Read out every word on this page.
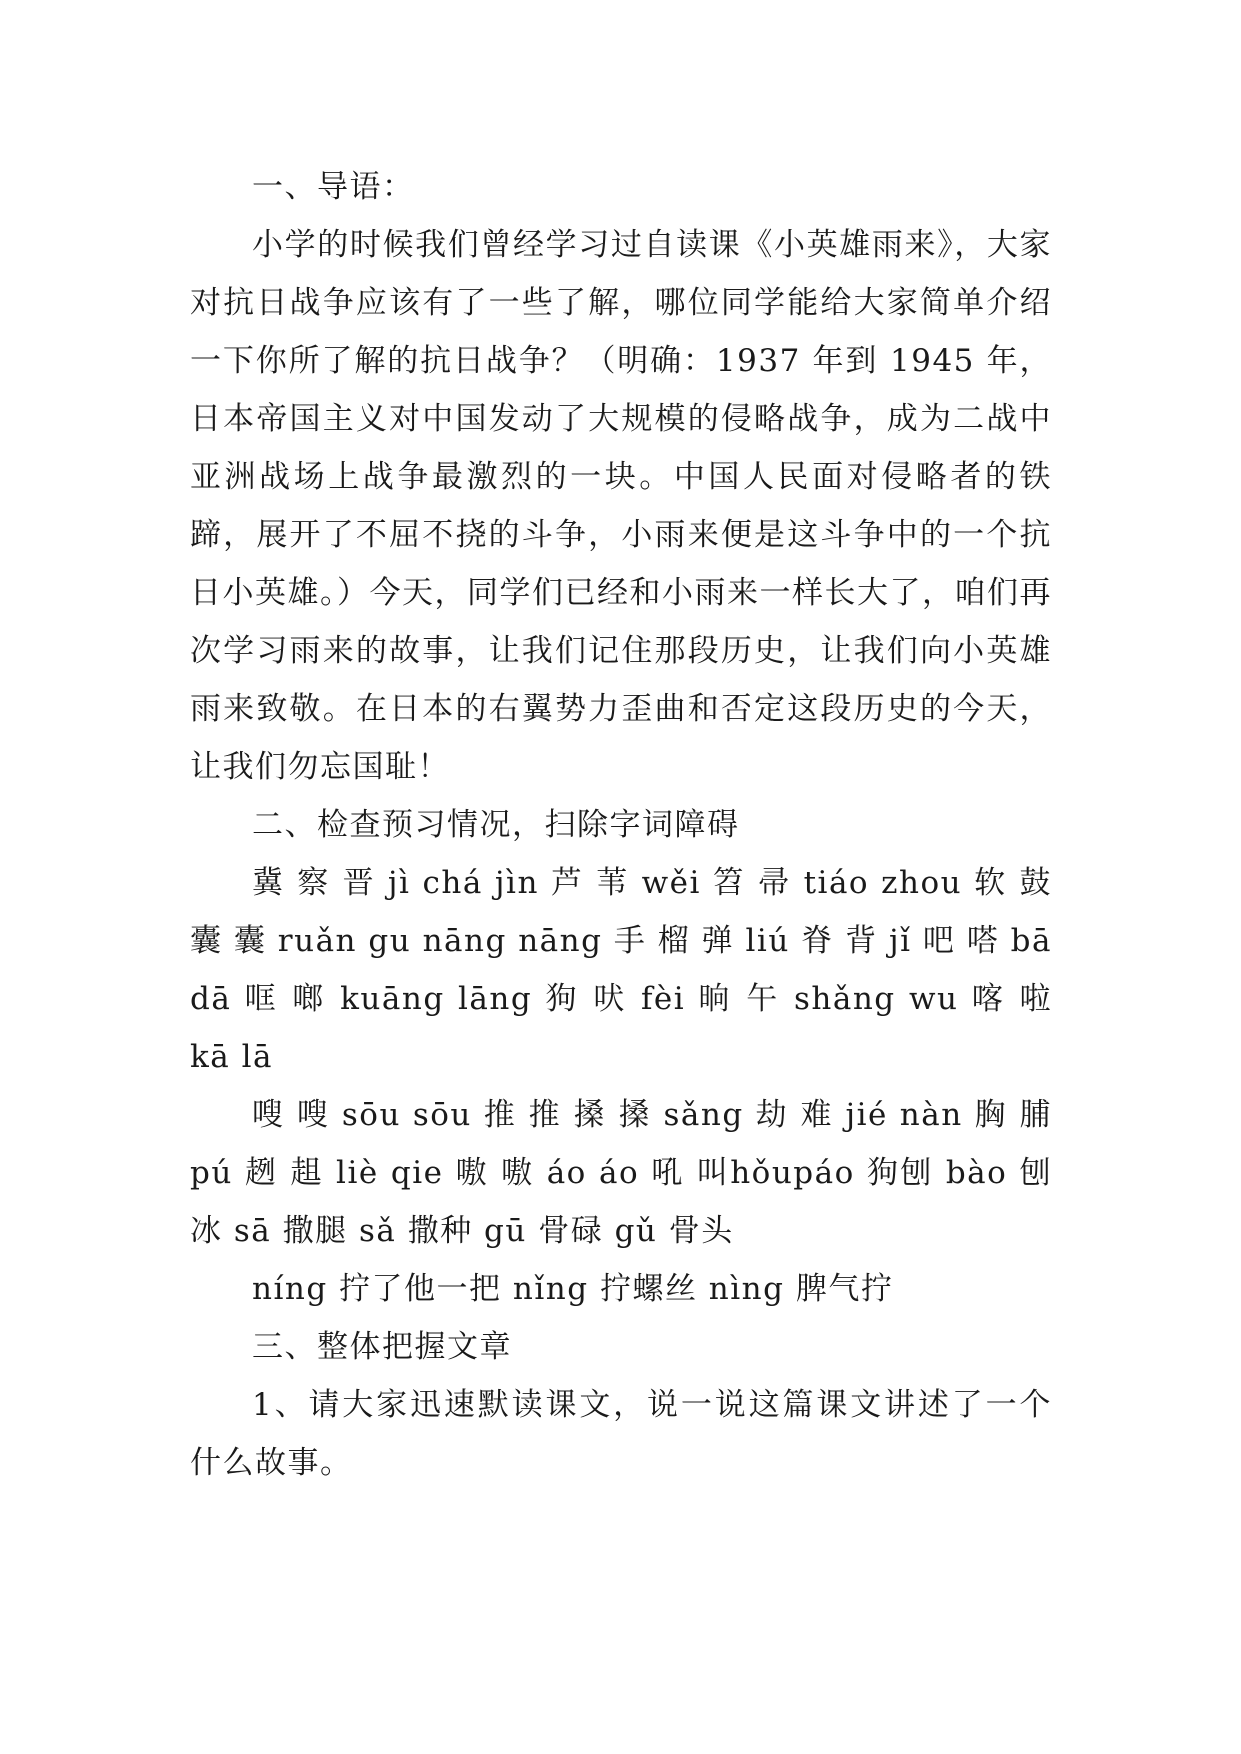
一、导语：

小学的时候我们曾经学习过自读课《小英雄雨来》，大家对抗日战争应该有了一些了解，哪位同学能给大家简单介绍一下你所了解的抗日战争？（明确：1937 年到 1945 年，日本帝国主义对中国发动了大规模的侵略战争，成为二战中亚洲战场上战争最激烈的一块。中国人民面对侵略者的铁蹄，展开了不屈不挠的斗争，小雨来便是这斗争中的一个抗日小英雄。）今天，同学们已经和小雨来一样长大了，咱们再次学习雨来的故事，让我们记住那段历史，让我们向小英雄雨来致敬。在日本的右翼势力歪曲和否定这段历史的今天，让我们勿忘国耻！

二、检查预习情况，扫除字词障碍

冀 察 晋 jì chá jìn 芦 苇 wěi 笤 帚 tiáo zhou 软 鼓 囊 囊 ruǎn gu nāng nāng 手 榴 弹 liú 脊 背 jǐ 吧 嗒 bā dā 哐 啷 kuāng lāng 狗 吠 fèi 晌 午 shǎng wu 喀 啦 kā lā

嗖 嗖 sōu sōu 推 推 搡 搡 sǎng 劫 难 jié nàn 胸 脯 pú 趔 趄 liè qie 嗷 嗷 áo áo 吼 叫hǒupáo 狗刨 bào 刨冰 sā 撒腿 sǎ 撒种 gū 骨碌 gǔ 骨头

níng 拧了他一把 nǐng 拧螺丝 nìng 脾气拧

三、整体把握文章

1、请大家迅速默读课文，说一说这篇课文讲述了一个什么故事。
